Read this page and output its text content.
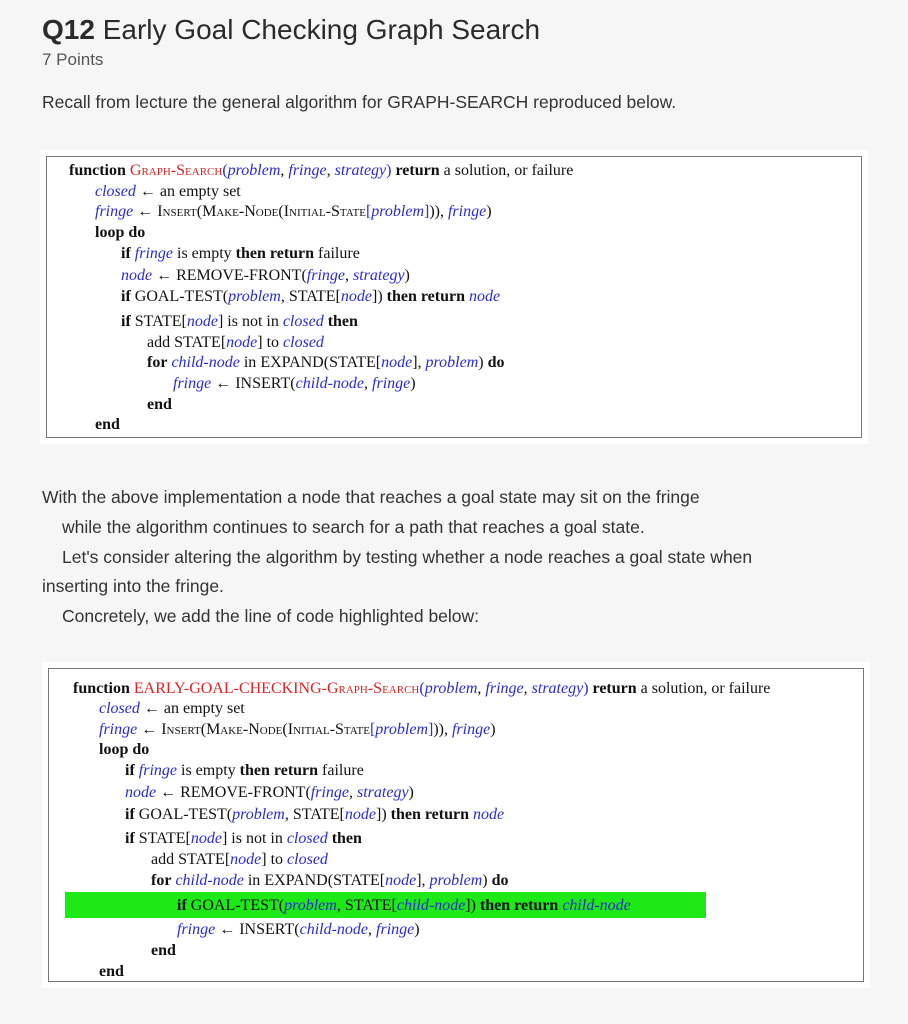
Q12 Early Goal Checking Graph Search
7 Points
Recall from lecture the general algorithm for GRAPH-SEARCH reproduced below.
function Graph-Search(problem, fringe, strategy) return a solution, or failure
closed ← an empty set
fringe ← Insert(Make-Node(Initial-State[problem])), fringe)
loop do
if fringe is empty then return failure
node ← REMOVE-FRONT(fringe, strategy)
if GOAL-TEST(problem, STATE[node]) then return node
if STATE[node] is not in closed then
add STATE[node] to closed
for child-node in EXPAND(STATE[node], problem) do
fringe ← INSERT(child-node, fringe)
end
end
With the above implementation a node that reaches a goal state may sit on the fringe
while the algorithm continues to search for a path that reaches a goal state.
Let's consider altering the algorithm by testing whether a node reaches a goal state when
inserting into the fringe.
Concretely, we add the line of code highlighted below:
function EARLY-GOAL-CHECKING-Graph-Search(problem, fringe, strategy) return a solution, or failure
closed ← an empty set
fringe ← Insert(Make-Node(Initial-State[problem])), fringe)
loop do
if fringe is empty then return failure
node ← REMOVE-FRONT(fringe, strategy)
if GOAL-TEST(problem, STATE[node]) then return node
if STATE[node] is not in closed then
add STATE[node] to closed
for child-node in EXPAND(STATE[node], problem) do
if GOAL-TEST(problem, STATE[child-node]) then return child-node
fringe ← INSERT(child-node, fringe)
end
end
